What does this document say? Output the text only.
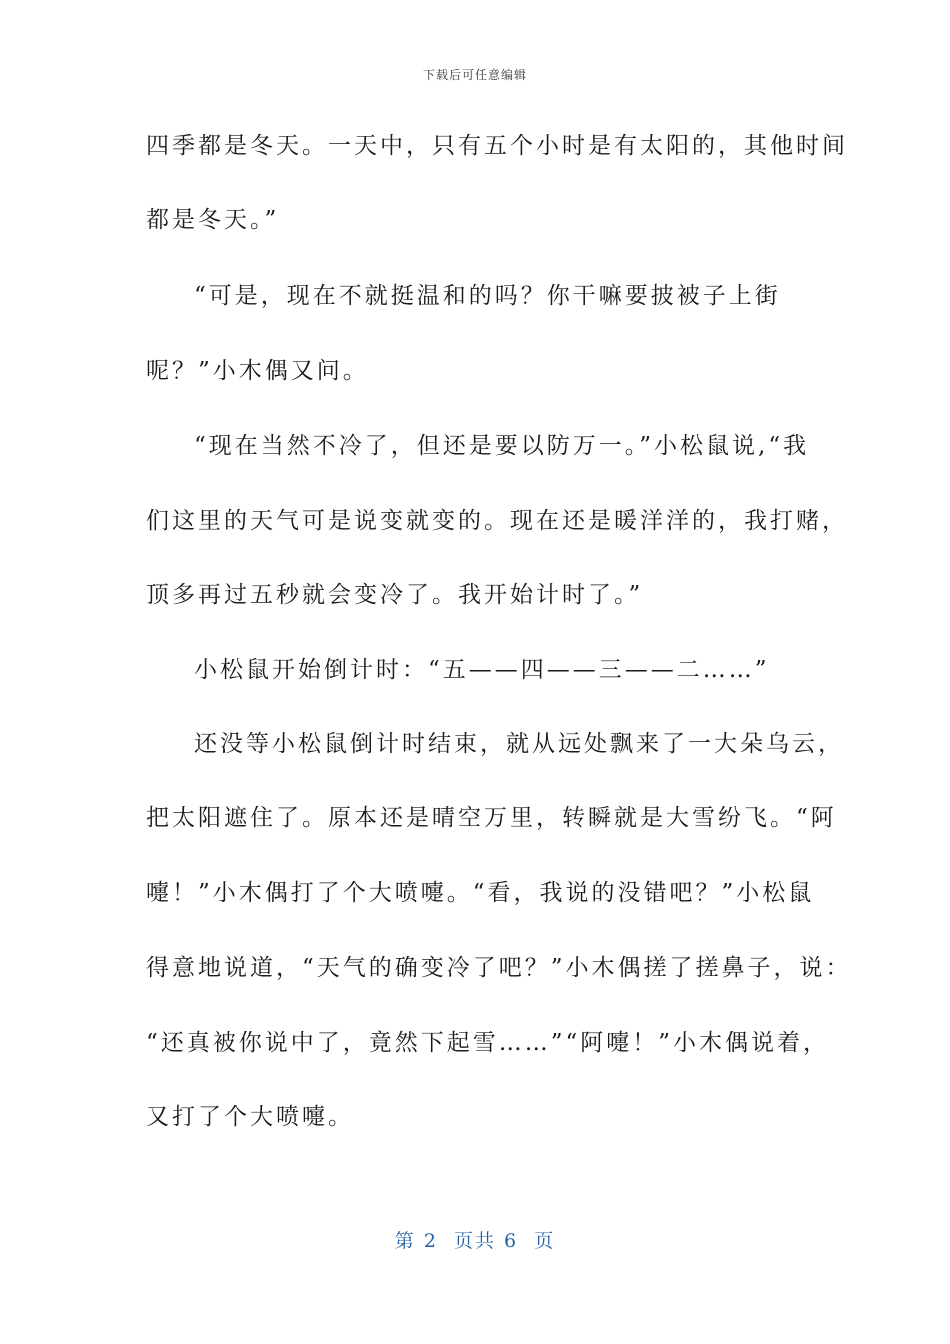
下载后可任意编辑
四季都是冬天。一天中，只有五个小时是有太阳的，其他时间
都是冬天。”
“可是，现在不就挺温和的吗？你干嘛要披被子上街
呢？”小木偶又问。
“现在当然不冷了，但还是要以防万一。”小松鼠说,“我
们这里的天气可是说变就变的。现在还是暖洋洋的，我打赌，
顶多再过五秒就会变冷了。我开始计时了。”
小松鼠开始倒计时：“五——四——三——二……”
还没等小松鼠倒计时结束，就从远处飘来了一大朵乌云，
把太阳遮住了。原本还是晴空万里，转瞬就是大雪纷飞。“阿
嚏！”小木偶打了个大喷嚏。“看，我说的没错吧？”小松鼠
得意地说道，“天气的确变冷了吧？”小木偶搓了搓鼻子，说：
“还真被你说中了，竟然下起雪……”“阿嚏！”小木偶说着，
又打了个大喷嚏。
第 2  页共 6  页
